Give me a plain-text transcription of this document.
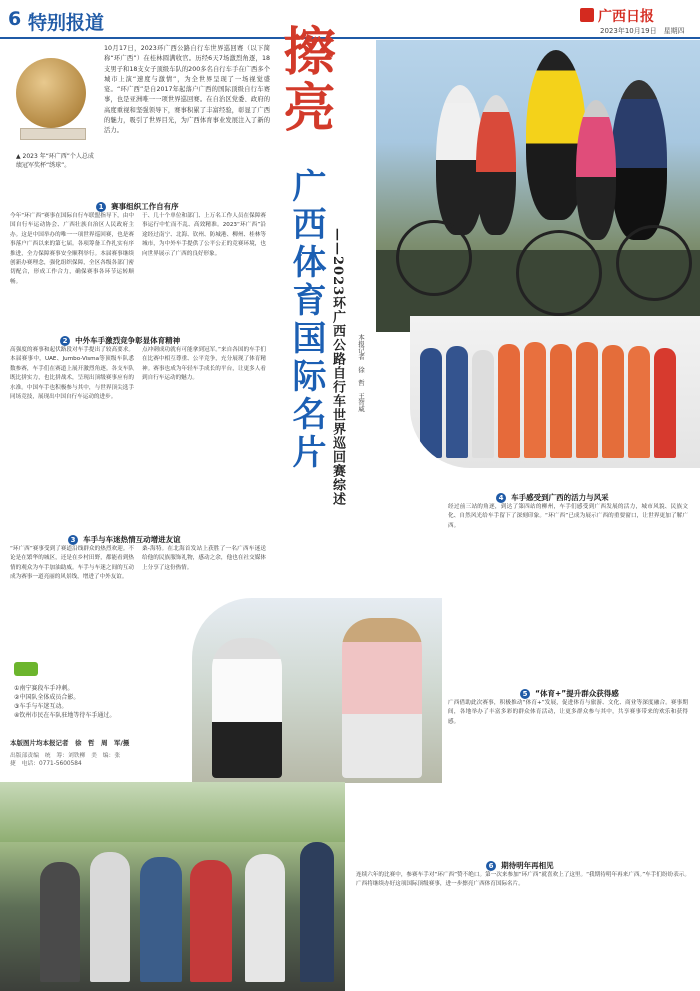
6 特别报道	广西日报
2023年10月19日　星期四
▲ 2023 年“环广西”个人总成绩冠军奖杯“绣球”。
10月17日，2023环广西公路自行车世界巡回赛（以下简称“环广西”）在桂林圆满收官。历经6天7场激烈角逐，18支男子和18支女子顶级车队的200多名自行车手在广西多个城市上演“速度与激情”，为全世界呈现了一场视觉盛宴。“环广西”是自2017年起落户广西的国际顶级自行车赛事，也是亚洲唯一一项世界巡回赛。在自治区党委、政府的高度重视和坚强领导下，赛事积累了丰富经验，彰显了广西的魅力，吸引了世界目光，为广西体育事业发展注入了新的活力。	擦亮
广西体育国际名片 ——2023环广西公路自行车世界巡回赛综述	本报记者　徐　哲　王智威
1 赛事组织工作自有序
2 中外车手激烈竞争彰显体育精神
3 车手与车迷热情互动增进友谊
4 车手感受到广西的活力与风采
5 “体育+”提升群众获得感
6 期待明年再相见
今年“环广西”赛事在国际自行车联盟指导下，由中国自行车运动协会、广西壮族自治区人民政府主办。这是中国举办的唯一一项世界巡回赛，也是赛事落户广西以来的第七届。各项筹备工作扎实有序推进，全力保障赛事安全顺利举行。本届赛事继续创新办赛理念，强化组织保障，全区各级各部门密切配合，形成工作合力，确保赛事各环节运转顺畅。
于、几十个单位和部门、上万名工作人员在保障赛事运行中忙而不乱、高效精准。2023“环广西”沿途经过南宁、北海、钦州、防城港、柳州、桂林等城市，为中外车手提供了公平公正的竞赛环境，也向世界展示了广西的良好形象。
高强度的赛事和起伏路段对车手提出了较高要求。本届赛事中，UAE、Jumbo-Visma等顶级车队悉数参赛，车手们在赛道上展开激烈角逐。各支车队既比拼实力，也比拼战术，呈现出顶级赛事应有的水准。中国车手也积极参与其中，与世界顶尖选手同场竞技，展现出中国自行车运动的进步。
点冲刺成功就有可能拿到冠军。”来自各国的车手们在比赛中相互尊重、公平竞争，充分展现了体育精神。赛事也成为年轻车手成长的平台，让更多人看到自行车运动的魅力。
“环广西”赛事受到了赛道沿线群众的热烈欢迎。不论是在繁华的城区，还是在乡村田野，都能看到热情的观众为车手加油助威。车手与车迷之间的互动成为赛事一道亮丽的风景线，增进了中外友谊。
桑-海特。在北海首发站上获胜了一名广西车迷送给他的民族服饰礼物，感动之余，他也在社交媒体上分享了这份热情。
经过前三站的角逐，到达了第四站的柳州，车手们感受到广西发展的活力，城市风貌、民族文化、自然风光给车手留下了深刻印象。“环广西”已成为展示广西的重要窗口，让世界更加了解广西。
广西借助此次赛事，积极推动“体育+”发展，促进体育与旅游、文化、商业等深度融合。赛事期间，各地举办了丰富多彩的群众体育活动，让更多群众参与其中，共享赛事带来的欢乐和获得感。
连续六年的比赛中，参赛车手对“环广西”赞不绝口。第一次来参加“环广西”就喜欢上了这里。“我期待明年再来广西。”车手们纷纷表示。广西将继续办好这项国际顶级赛事，进一步擦亮广西体育国际名片。
①南宁赛段车手冲刺。
②中国队全体成员合影。
③车手与车迷互动。
④钦州市民在车队驻地等待车手通过。
本版图片均本报记者　徐　哲　周　军/摄
出版部责编　统　筹：刘铁柳　美　编：张　捷　电话：0771-5600584
